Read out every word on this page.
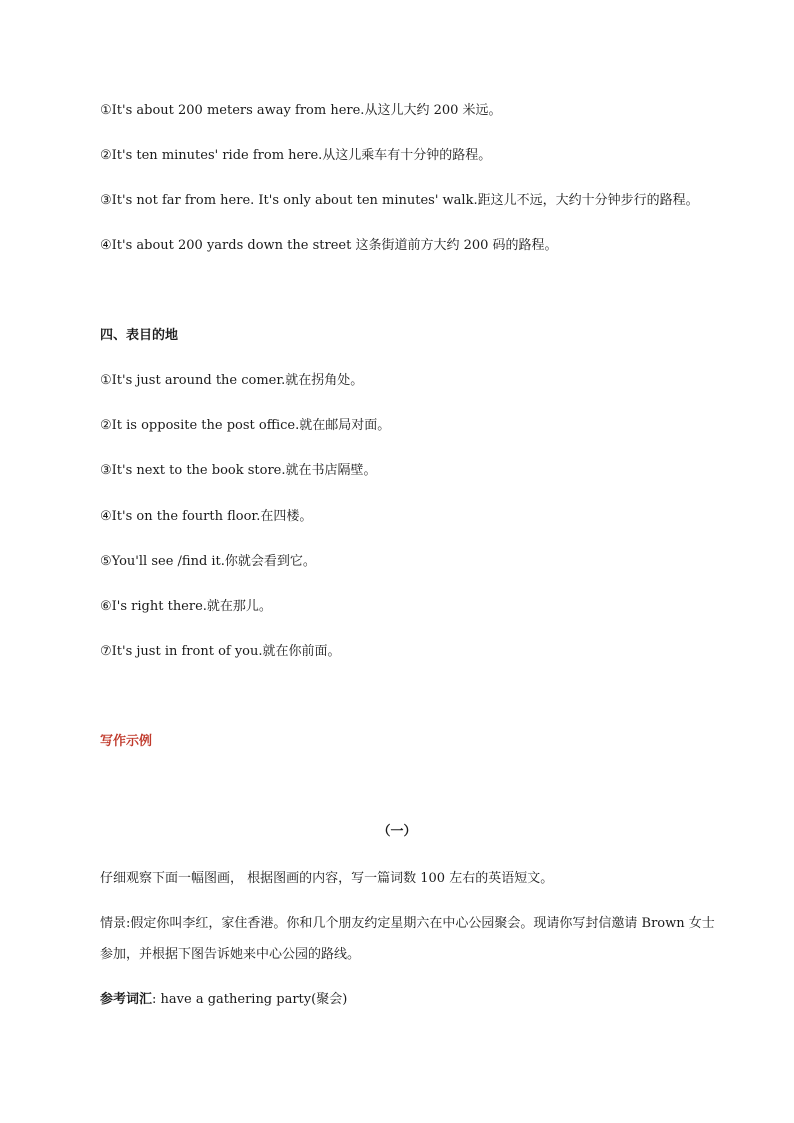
①It's about 200 meters away from here.从这儿大约 200 米远。
②It's ten minutes' ride from here.从这儿乘车有十分钟的路程。
③It's not far from here. It's only about ten minutes' walk.距这儿不远，大约十分钟步行的路程。
④It's about 200 yards down the street 这条街道前方大约 200 码的路程。
四、表目的地
①It's just around the comer.就在拐角处。
②It is opposite the post office.就在邮局对面。
③It's next to the book store.就在书店隔壁。
④It's on the fourth floor.在四楼。
⑤You'll see /find it.你就会看到它。
⑥I's right there.就在那儿。
⑦It's just in front of you.就在你前面。
写作示例
（一）
仔细观察下面一幅图画， 根据图画的内容，写一篇词数 100 左右的英语短文。
情景:假定你叫李红，家住香港。你和几个朋友约定星期六在中心公园聚会。现请你写封信邀请 Brown 女士参加，并根据下图告诉她来中心公园的路线。
参考词汇: have a gathering party(聚会)
